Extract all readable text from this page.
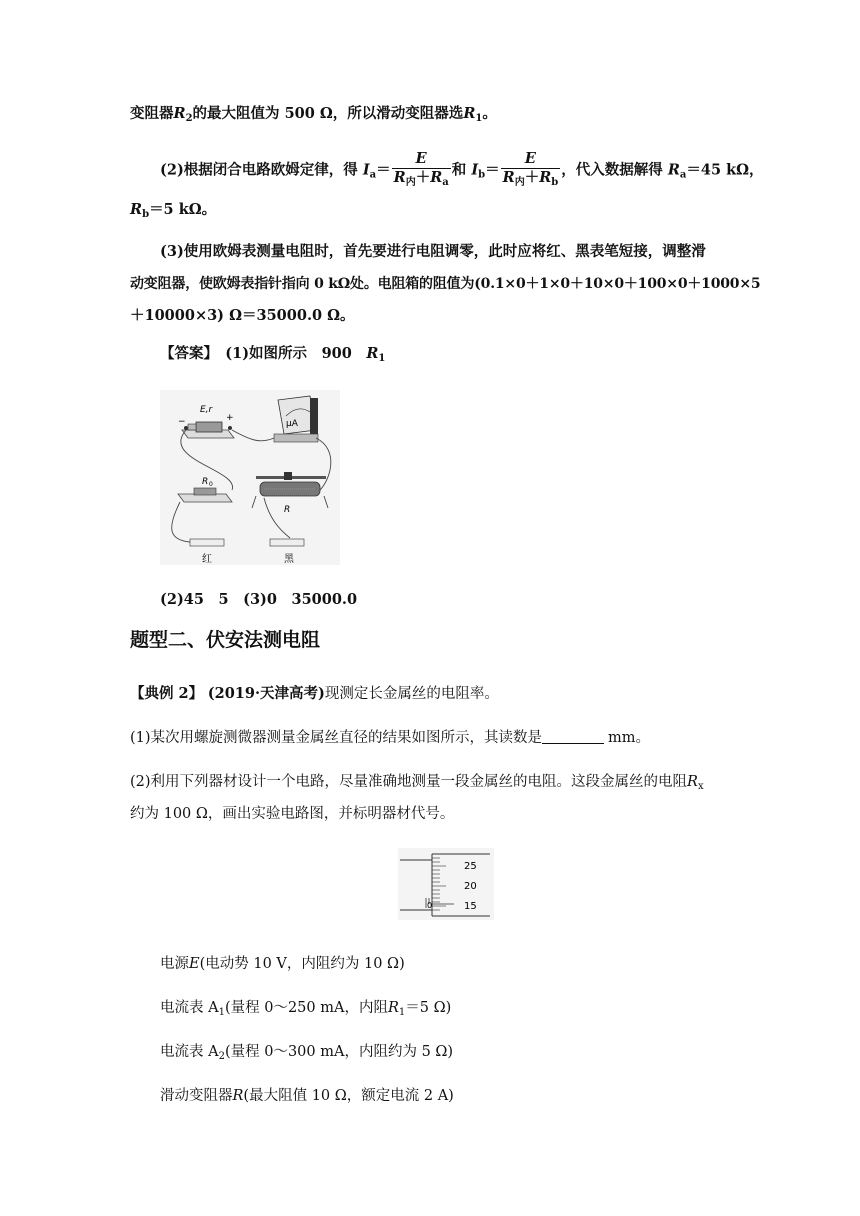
变阻器$R_2$的最大阻值为 500 Ω，所以滑动变阻器选$R_1$。
(2)根据闭合电路欧姆定律，得 $I_a= \frac{E}{R_内+R_a}$ 和 $I_b= \frac{E}{R_内+R_b}$ ，代入数据解得 $R_a=45$ kΩ，
$R_b=5$ kΩ。
(3)使用欧姆表测量电阻时，首先要进行电阻调零，此时应将红、黑表笔短接，调整滑
动变阻器，使欧姆表指针指向 0 kΩ处。电阻箱的阻值为(0.1×0＋1×0＋10×0＋100×0＋1000×5
＋10000×3) Ω＝35000.0 Ω。
【答案】　 (1)如图所示　 900　 $R_1$
E,r
−	+
μA
R 0
R
红	黑
(2)45　5　(3)0　35000.0
题型二、伏安法测电阻
【典例 2】 (2019·天津高考)现测定长金属丝的电阻率。
(1)某次用螺旋测微器测量金属丝直径的结果如图所示，其读数是	mm。
(2)利用下列器材设计一个电路，尽量准确地测量一段金属丝的电阻。这段金属丝的电阻$R_x$
约为 100 Ω，画出实验电路图，并标明器材代号。
0
25
20
15
电源E(电动势 10 V，内阻约为 10 Ω)
电流表 $A_1$(量程 0～250 mA，内阻$R_1=5$ Ω)
电流表 $A_2$(量程 0～300 mA，内阻约为 5 Ω)
滑动变阻器R(最大阻值 10 Ω，额定电流 2 A)
